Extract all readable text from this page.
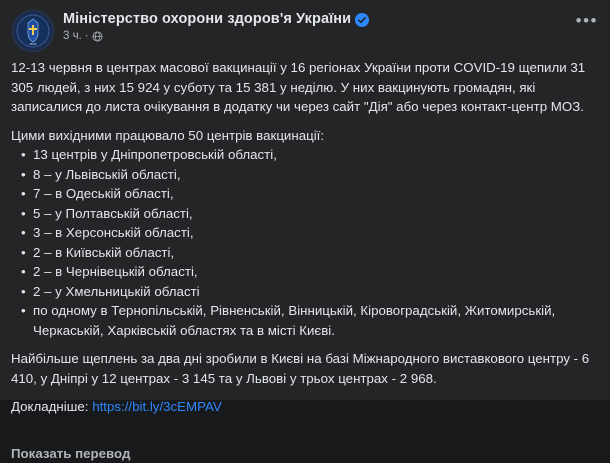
МОЗ
Міністерство охорони здоров'я України
3 ч. ·
•••

12-13 червня в центрах масової вакцинації у 16 регіонах України проти COVID-19 щепили 31 305 людей, з них 15 924 у суботу та 15 381 у неділю. У них вакцинують громадян, які записалися до листа очікування в додатку чи через сайт "Дія" або через контакт-центр МОЗ.

Цими вихідними працювало 50 центрів вакцинації:

• 13 центрів у Дніпропетровській області,
• 8 – у Львівській області,
• 7 – в Одеській області,
• 5 – у Полтавській області,
• 3 – в Херсонській області,
• 2 – в Київській області,
• 2 – в Чернівецькій області,
• 2 – у Хмельницькій області
• по одному в Тернопільській, Рівненській, Вінницькій, Кіровоградській, Житомирській, Черкаській, Харківській областях та в місті Києві.

Найбільше щеплень за два дні зробили в Києві на базі Міжнародного виставкового центру - 6 410, у Дніпрі у 12 центрах - 3 145 та у Львові у трьох центрах - 2 968.

Докладніше: https://bit.ly/3cEMPAV

Показать перевод
